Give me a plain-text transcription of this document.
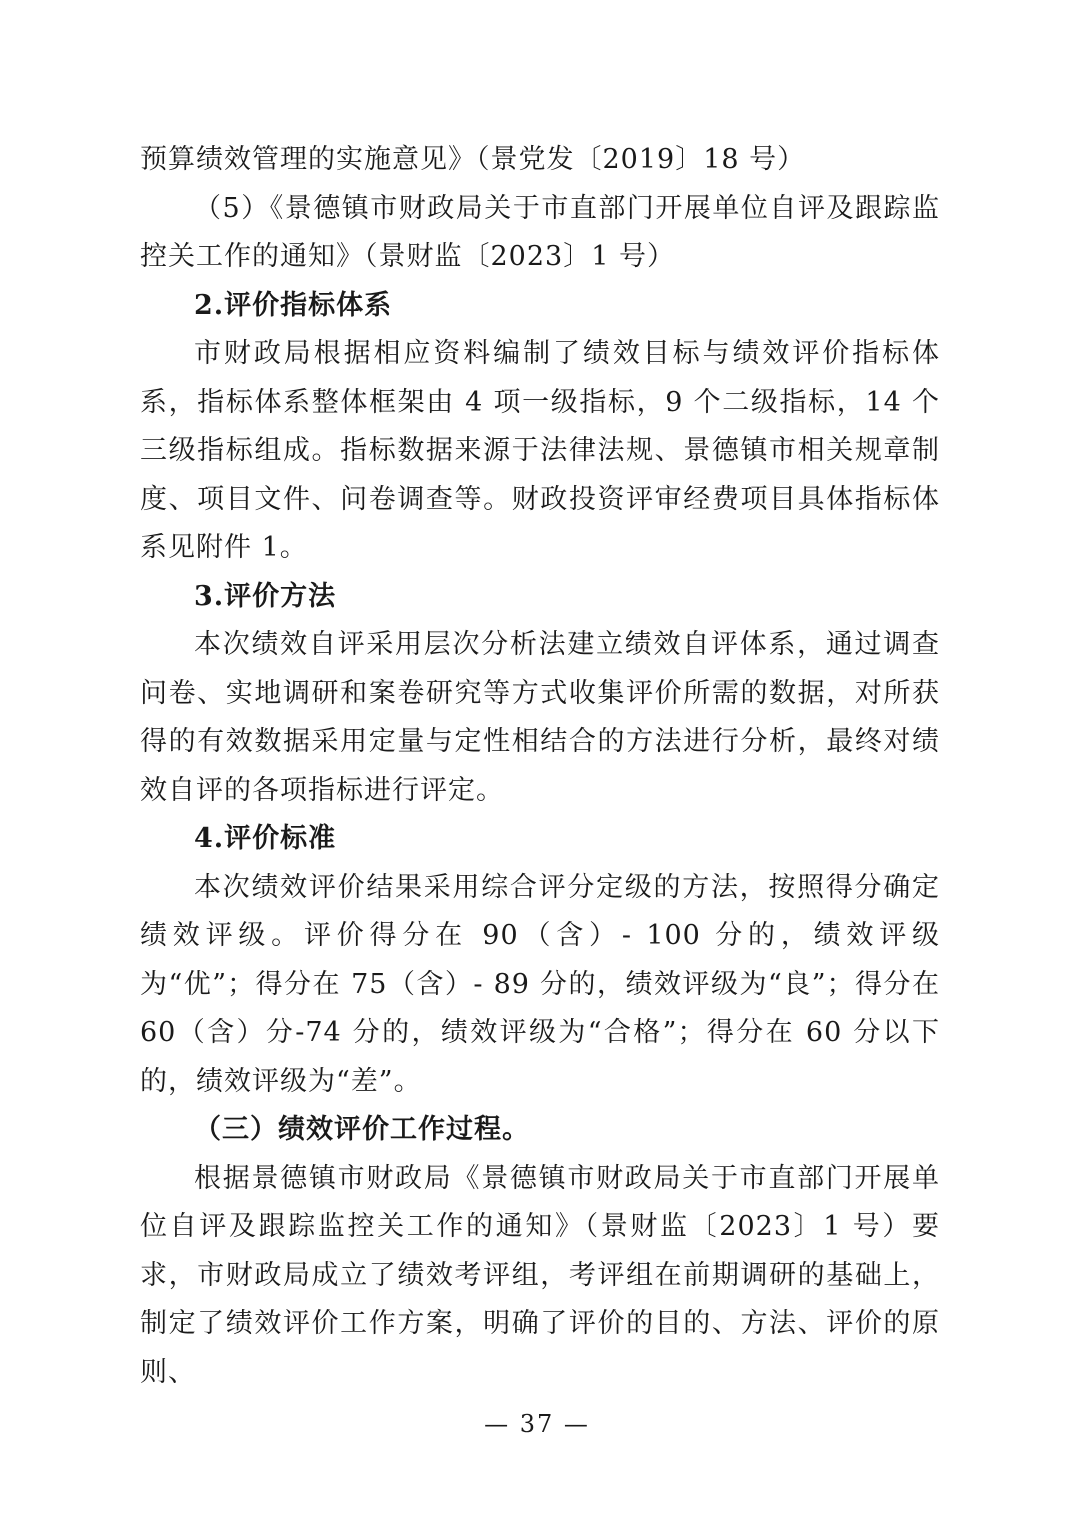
预算绩效管理的实施意见》（景党发〔2019〕18 号）

（5）《景德镇市财政局关于市直部门开展单位自评及跟踪监控关工作的通知》（景财监〔2023〕1 号）

2.评价指标体系

市财政局根据相应资料编制了绩效目标与绩效评价指标体系，指标体系整体框架由 4 项一级指标，9 个二级指标，14 个三级指标组成。指标数据来源于法律法规、景德镇市相关规章制度、项目文件、问卷调查等。财政投资评审经费项目具体指标体系见附件 1。

3.评价方法

本次绩效自评采用层次分析法建立绩效自评体系，通过调查问卷、实地调研和案卷研究等方式收集评价所需的数据，对所获得的有效数据采用定量与定性相结合的方法进行分析，最终对绩效自评的各项指标进行评定。

4.评价标准

本次绩效评价结果采用综合评分定级的方法，按照得分确定绩效评级。评价得分在 90（含）- 100 分的，绩效评级为“优”；得分在 75（含）- 89 分的，绩效评级为“良”；得分在 60（含）分-74 分的，绩效评级为“合格”；得分在 60 分以下的，绩效评级为“差”。

（三）绩效评价工作过程。

根据景德镇市财政局《景德镇市财政局关于市直部门开展单位自评及跟踪监控关工作的通知》（景财监〔2023〕1 号）要求，市财政局成立了绩效考评组，考评组在前期调研的基础上，制定了绩效评价工作方案，明确了评价的目的、方法、评价的原则、

— 37 —
